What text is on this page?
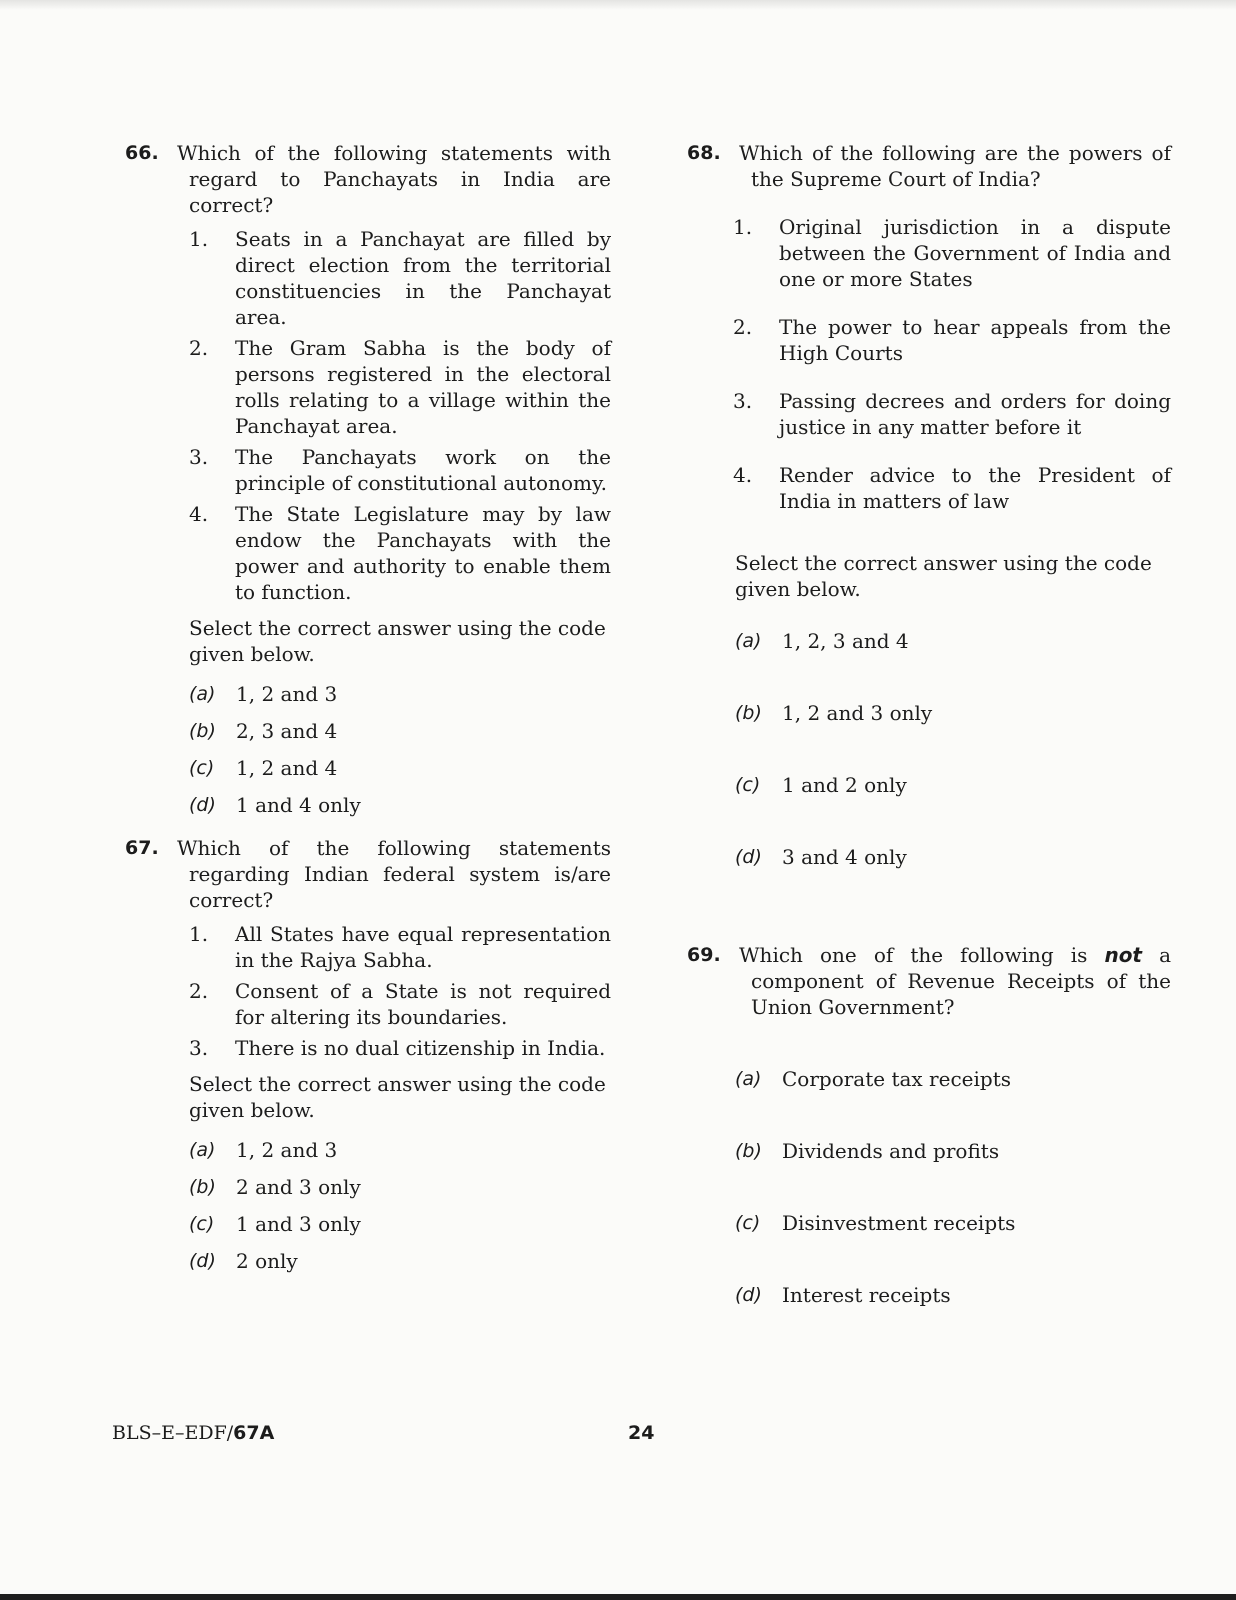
66. Which of the following statements with regard to Panchayats in India are correct?
1. Seats in a Panchayat are filled by direct election from the territorial constituencies in the Panchayat area.
2. The Gram Sabha is the body of persons registered in the electoral rolls relating to a village within the Panchayat area.
3. The Panchayats work on the principle of constitutional autonomy.
4. The State Legislature may by law endow the Panchayats with the power and authority to enable them to function.
Select the correct answer using the code given below.
(a) 1, 2 and 3
(b) 2, 3 and 4
(c) 1, 2 and 4
(d) 1 and 4 only
67. Which of the following statements regarding Indian federal system is/are correct?
1. All States have equal representation in the Rajya Sabha.
2. Consent of a State is not required for altering its boundaries.
3. There is no dual citizenship in India.
Select the correct answer using the code given below.
(a) 1, 2 and 3
(b) 2 and 3 only
(c) 1 and 3 only
(d) 2 only
68. Which of the following are the powers of the Supreme Court of India?
1. Original jurisdiction in a dispute between the Government of India and one or more States
2. The power to hear appeals from the High Courts
3. Passing decrees and orders for doing justice in any matter before it
4. Render advice to the President of India in matters of law
Select the correct answer using the code given below.
(a) 1, 2, 3 and 4
(b) 1, 2 and 3 only
(c) 1 and 2 only
(d) 3 and 4 only
69. Which one of the following is not a component of Revenue Receipts of the Union Government?
(a) Corporate tax receipts
(b) Dividends and profits
(c) Disinvestment receipts
(d) Interest receipts
BLS–E–EDF/67A	24
